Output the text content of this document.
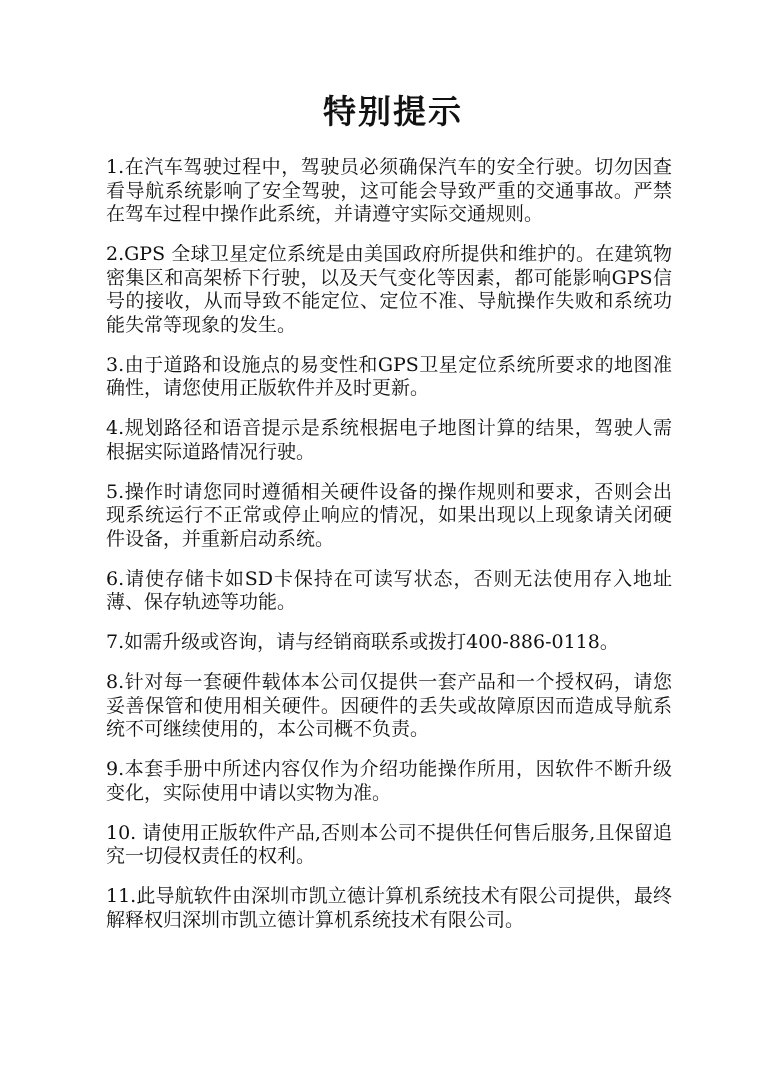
特别提示

1.在汽车驾驶过程中，驾驶员必须确保汽车的安全行驶。切勿因查看导航系统影响了安全驾驶，这可能会导致严重的交通事故。严禁在驾车过程中操作此系统，并请遵守实际交通规则。

2.GPS 全球卫星定位系统是由美国政府所提供和维护的。在建筑物密集区和高架桥下行驶，以及天气变化等因素，都可能影响GPS信号的接收，从而导致不能定位、定位不准、导航操作失败和系统功能失常等现象的发生。

3.由于道路和设施点的易变性和GPS卫星定位系统所要求的地图准确性，请您使用正版软件并及时更新。

4.规划路径和语音提示是系统根据电子地图计算的结果，驾驶人需根据实际道路情况行驶。

5.操作时请您同时遵循相关硬件设备的操作规则和要求，否则会出现系统运行不正常或停止响应的情况，如果出现以上现象请关闭硬件设备，并重新启动系统。

6.请使存储卡如SD卡保持在可读写状态，否则无法使用存入地址薄、保存轨迹等功能。

7.如需升级或咨询，请与经销商联系或拨打400-886-0118。

8.针对每一套硬件载体本公司仅提供一套产品和一个授权码，请您妥善保管和使用相关硬件。因硬件的丢失或故障原因而造成导航系统不可继续使用的，本公司概不负责。

9.本套手册中所述内容仅作为介绍功能操作所用，因软件不断升级变化，实际使用中请以实物为准。

10. 请使用正版软件产品,否则本公司不提供任何售后服务,且保留追究一切侵权责任的权利。

11.此导航软件由深圳市凯立德计算机系统技术有限公司提供，最终解释权归深圳市凯立德计算机系统技术有限公司。
